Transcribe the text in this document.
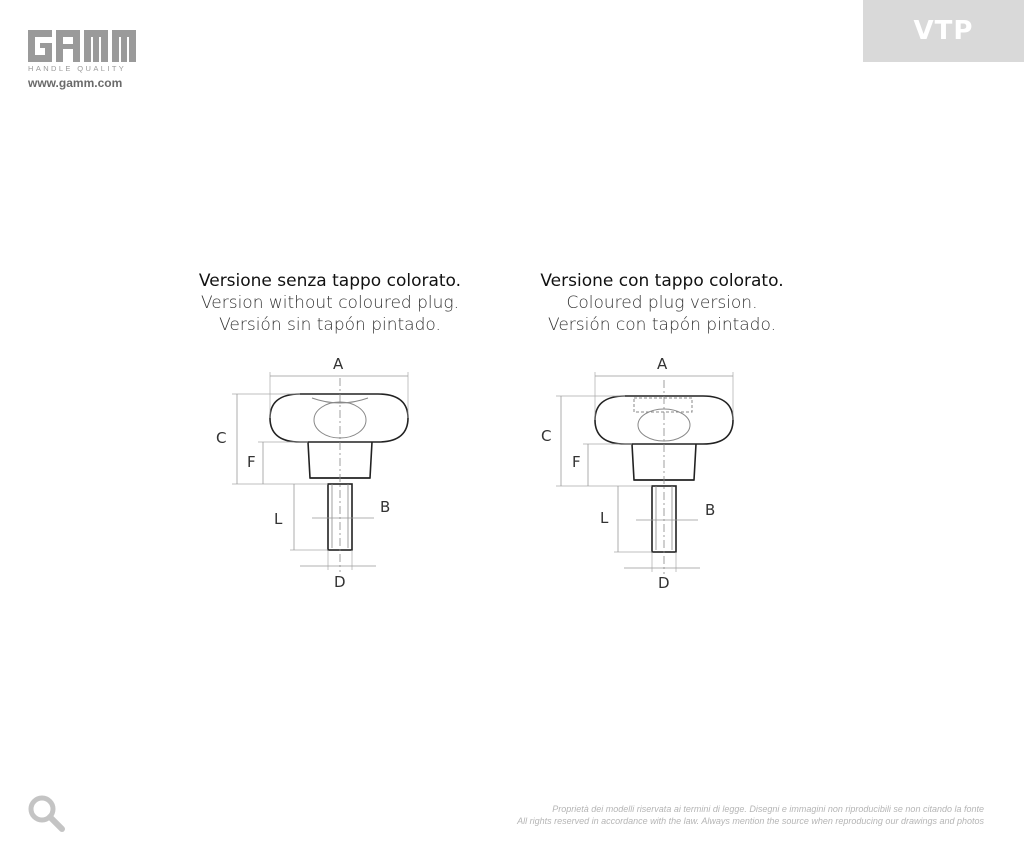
HANDLE QUALITY
www.gamm.com
VTP
Versione senza tappo colorato.
Version without coloured plug.
Versión sin tapón pintado.
Versione con tappo colorato.
Coloured plug version.
Versión con tapón pintado.
A
C
F
L
B
D
A
C
F
L	B
D
Proprietà dei modelli riservata ai termini di legge. Disegni e immagini non riproducibili se non citando la fonte
All rights reserved in accordance with the law. Always mention the source when reproducing our drawings and photos
